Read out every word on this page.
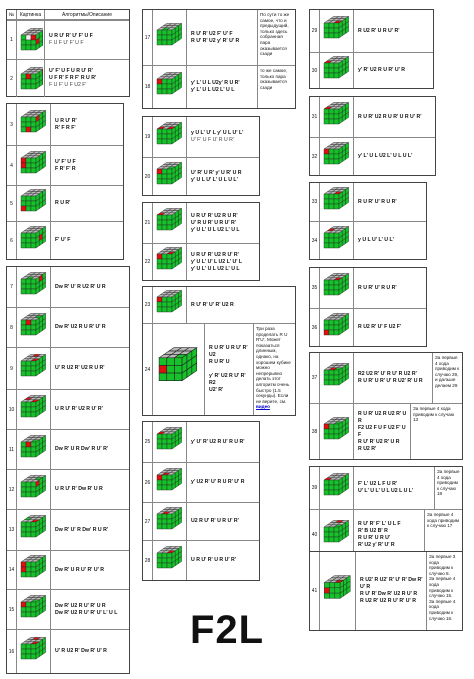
№	Картинка	Алгоритмы/Описание
1
U R U' R' U' F' U F
F U F U' F' U F
2
U' F' U F U R U' R'
U F R' F R F' R U R'
F U F' U F U2 F'
3
U R U' R'
R' F R F'
4
U' F' U F
F R' F' R
5	R U R'
6	F' U' F
7	Dw R' U' R U2 R' U R
8	Dw R' U2 R U R' U' R
9	U' R U2 R' U2 R U R'
10	U R U' R' U2 R U' R'
11	Dw R' U R Dw' R U' R'
12	U R U' R' Dw R' U R
13	Dw R' U' R Dw' R U R'
14	Dw R' U R U' R' U' R
15
Dw R' U2 R U' R' U R
Dw R' U2 R U' R' U' L' U L
16	U' R U2 R' Dw R' U' R
17
R U' R' U2 F' U' F
R U' R' U2 y' R' U' R
По сути то же самое, что и предыдущий, только здесь собранная пара оказывается сзади
18
y' L' U L U2y' R U R'
y' L' U L U2 L' U L
то же самое, только пара оказывается сзади
19
y U L' U' L y' U L U' L'
U' F' U F U' R U R'
20
U' R' U R' y' U R' U R
y' U L U' L' U L U L'
21
U R U' R' U2 R U R'
U' R U R' U R U' R'
y' U L' U L U2 L' U L
22
U R U' R' U2 R U' R'
y' U L' U' L U2 L' U' L
y' U L' U L U2 L' U L
23	R U' R' U' R' U2 R
24
R U R' U R U' R' U2
R U R' U

y' R' U2 R U' R' R2
U2' R'
Три раза проделать R U R'U'. Может показаться длинным, однако, на хорошем кубике можно непрерывно делать этот алгоритм очень быстро (1.5 секунды). Если не верите, см. видео
25	y' U' R' U2 R U' R U R'
26	y' U2 R' U' R U R' U' R
27	U2 R U' R' U R U' R'
28	U R U' R' U R U' R'
29	R U2 R' U R U' R'
30	y' R' U2 R U R' U' R
31	R U R' U2 R U R' U R U' R'
32	y' L' U L U2 L' U L U L'
33	R U R' U' R U R'
34	y U L U' L' U L'
35	R U R' U' R U R'
36	R U2 R' U' F U2 F'
37
R2 U2 R' U' R U' R U2 R'
R U R' U R' U' R U2' R' U R
За первые 4 хода приводим к случаю 29, и дальше делаем 29
38
R U R' U2 R U2 R' U R
F2 U2 F U F U2 F' U F
R U' R' U2 R' U R
R U2 R'
За первые 4 хода приводим к случаю 13
39
F' L' U2 L F U R'
U' L' U L' U L U2 L U L'
За первые 4 хода приводим к случаю 18
40
R U' R' F' L' U L F
R' B U2 B' R
R U R' U R U'
R' U2 y' R' U' R
За первые 4 хода приводим к случаю 17
41
R U2' R U2' R' U' R' Dw R' U' R
R U' R' Dw R' U2 R U' R
R U2 R' U2 R U' R' U' R
За первые 3 хода приводим к случаю 8.
За первые 4 хода приводим к случаю 15.
За первые 4 хода приводим к случаю 16.
F2L
